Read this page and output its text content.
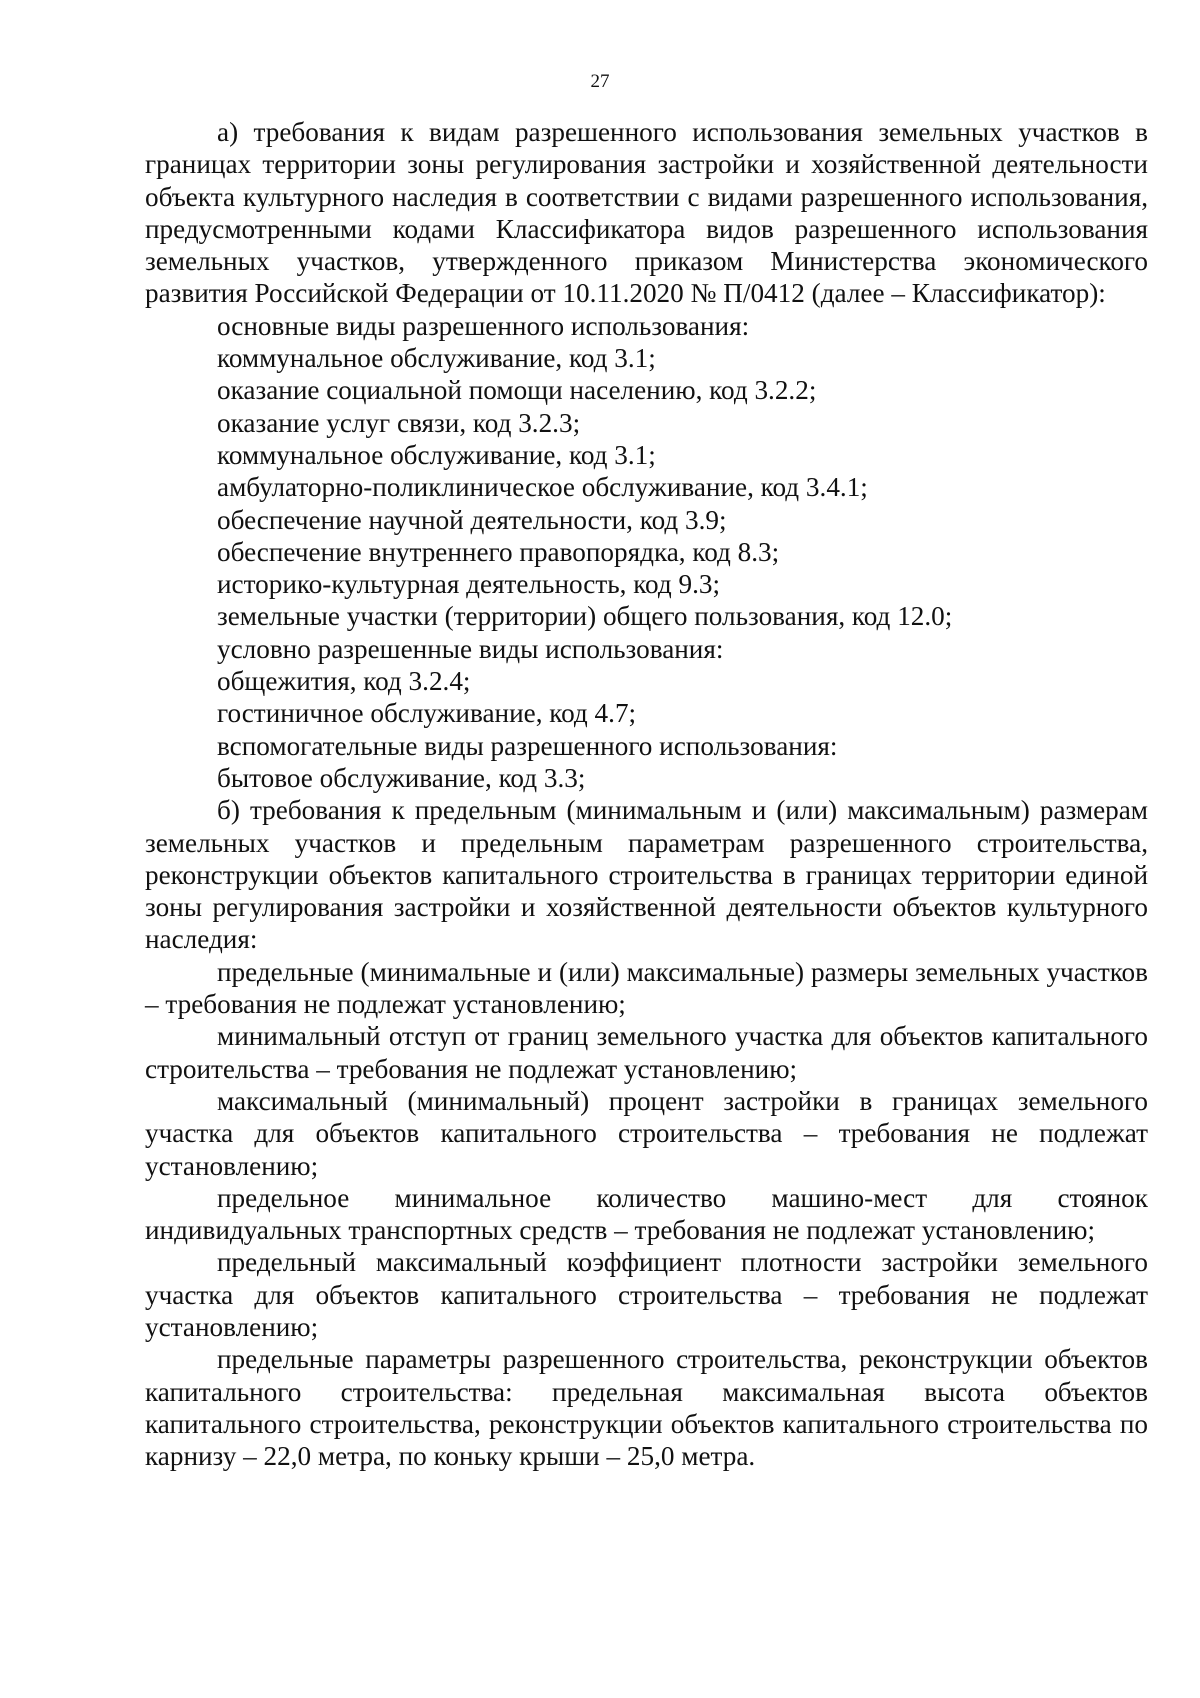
27

а) требования к видам разрешенного использования земельных участков в границах территории зоны регулирования застройки и хозяйственной деятельности объекта культурного наследия в соответствии с видами разрешенного использования, предусмотренными кодами Классификатора видов разрешенного использования земельных участков, утвержденного приказом Министерства экономического развития Российской Федерации от 10.11.2020 № П/0412 (далее – Классификатор):

основные виды разрешенного использования:

коммунальное обслуживание, код 3.1;

оказание социальной помощи населению, код 3.2.2;

оказание услуг связи, код 3.2.3;

коммунальное обслуживание, код 3.1;

амбулаторно-поликлиническое обслуживание, код 3.4.1;

обеспечение научной деятельности, код 3.9;

обеспечение внутреннего правопорядка, код 8.3;

историко-культурная деятельность, код 9.3;

земельные участки (территории) общего пользования, код 12.0;

условно разрешенные виды использования:

общежития, код 3.2.4;

гостиничное обслуживание, код 4.7;

вспомогательные виды разрешенного использования:

бытовое обслуживание, код 3.3;

б) требования к предельным (минимальным и (или) максимальным) размерам земельных участков и предельным параметрам разрешенного строительства, реконструкции объектов капитального строительства в границах территории единой зоны регулирования застройки и хозяйственной деятельности объектов культурного наследия:

предельные (минимальные и (или) максимальные) размеры земельных участков – требования не подлежат установлению;

минимальный отступ от границ земельного участка для объектов капитального строительства – требования не подлежат установлению;

максимальный (минимальный) процент застройки в границах земельного участка для объектов капитального строительства – требования не подлежат установлению;

предельное минимальное количество машино-мест для стоянок индивидуальных транспортных средств – требования не подлежат установлению;

предельный максимальный коэффициент плотности застройки земельного участка для объектов капитального строительства – требования не подлежат установлению;

предельные параметры разрешенного строительства, реконструкции объектов капитального строительства: предельная максимальная высота объектов капитального строительства, реконструкции объектов капитального строительства по карнизу – 22,0 метра, по коньку крыши – 25,0 метра.
